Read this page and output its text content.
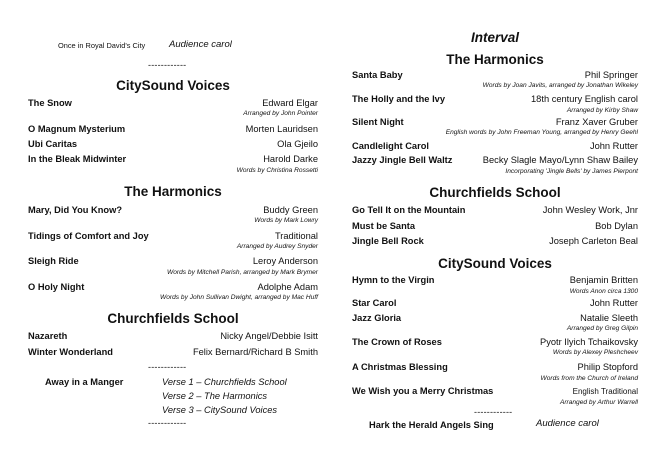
Once in Royal David's City Audience carol
------------
CitySound Voices
The Snow	Edward Elgar
Arranged by John Pointer
O Magnum Mysterium	Morten Lauridsen
Ubi Caritas	Ola Gjeilo
In the Bleak Midwinter	Harold Darke
Words by Christina Rossetti
The Harmonics
Mary, Did You Know?	Buddy Green
Words by Mark Lowry
Tidings of Comfort and Joy	Traditional
Arranged by Audrey Snyder
Sleigh Ride	Leroy Anderson
Words by Mitchell Parish, arranged by Mark Brymer
O Holy Night	Adolphe Adam
Words by John Sullivan Dwight, arranged by Mac Huff
Churchfields School
Nazareth	Nicky Angel/Debbie Isitt
Winter Wonderland	Felix Bernard/Richard B Smith
------------
Away in a Manger	Verse 1 – Churchfields School
Verse 2 – The Harmonics
Verse 3 – CitySound Voices
------------
Interval
The Harmonics
Santa Baby	Phil Springer
Words by Joan Javits, arranged by Jonathan Wikeley
The Holly and the Ivy	18th century English carol
Arranged by Kirby Shaw
Silent Night	Franz Xaver Gruber
English words by John Freeman Young, arranged by Henry Geehl
Candlelight Carol	John Rutter
Jazzy Jingle Bell Waltz	Becky Slagle Mayo/Lynn Shaw Bailey
Incorporating 'Jingle Bells' by James Pierpont
Churchfields School
Go Tell It on the Mountain	John Wesley Work, Jnr
Must be Santa	Bob Dylan
Jingle Bell Rock	Joseph Carleton Beal
CitySound Voices
Hymn to the Virgin	Benjamin Britten
Words Anon circa 1300
Star Carol	John Rutter
Jazz Gloria	Natalie Sleeth
Arranged by Greg Gilpin
The Crown of Roses	Pyotr Ilyich Tchaikovsky
Words by Alexey Pleshcheev
A Christmas Blessing	Philip Stopford
Words from the Church of Ireland
We Wish you a Merry Christmas	English Traditional
Arranged by Arthur Warrell
------------
Hark the Herald Angels Sing	Audience carol
